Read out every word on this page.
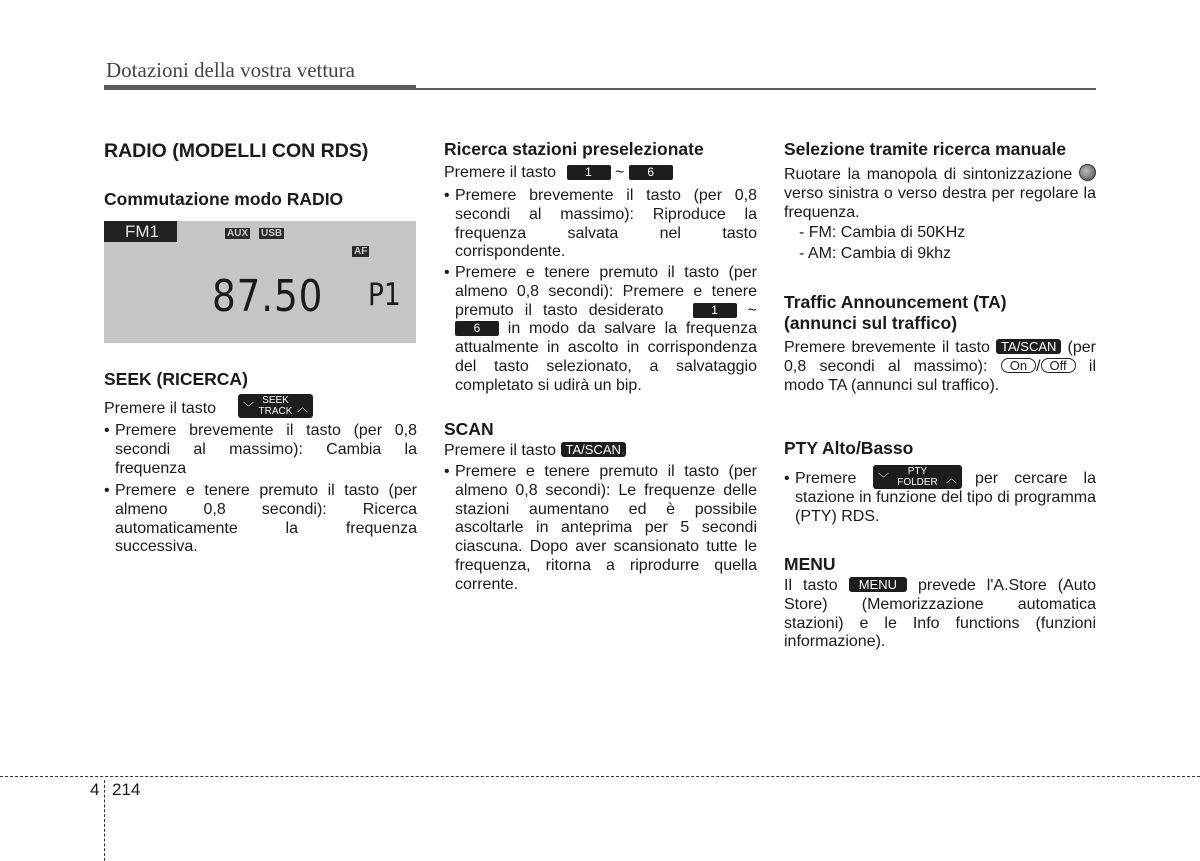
Dotazioni della vostra vettura
RADIO (MODELLI CON RDS)
Commutazione modo RADIO
FM1	AUX USB
AF
87.50 P1
SEEK (RICERCA)
Premere il tasto ﹀
SEEK
TRACK ︿
• Premere brevemente il tasto (per 0,8 secondi al massimo): Cambia la frequenza
• Premere e tenere premuto il tasto (per almeno 0,8 secondi): Ricerca automaticamente la frequenza successiva.
Ricerca stazioni preselezionate
Premere il tasto 1 ~ 6
• Premere brevemente il tasto (per 0,8 secondi al massimo): Riproduce la frequenza salvata nel tasto corrispondente.
• Premere e tenere premuto il tasto (per almeno 0,8 secondi): Premere e tenere premuto il tasto desiderato	1 ~ 6 in modo da salvare la frequenza attualmente in ascolto in corrispondenza del tasto selezionato, a salvataggio completato si udirà un bip.
SCAN
Premere il tasto TA/SCAN
• Premere e tenere premuto il tasto (per almeno 0,8 secondi): Le frequenze delle stazioni aumentano ed è possibile ascoltarle in anteprima per 5 secondi ciascuna. Dopo aver scansionato tutte le frequenza, ritorna a riprodurre quella corrente.
Selezione tramite ricerca manuale
Ruotare la manopola di sintonizzazione  verso sinistra o verso destra per regolare la frequenza.
- FM: Cambia di 50KHz
- AM: Cambia di 9khz
Traffic Announcement (TA)
(annunci sul traffico)
Premere brevemente il tasto TA/SCAN (per 0,8 secondi al massimo): On / Off il modo TA (annunci sul traffico).
PTY Alto/Basso
• Premere ﹀
PTY
FOLDER ︿	per cercare la stazione in funzione del tipo di programma (PTY) RDS.
MENU
Il tasto MENU prevede l'A.Store (Auto Store) (Memorizzazione automatica stazioni) e le Info functions (funzioni informazione).
4 214
